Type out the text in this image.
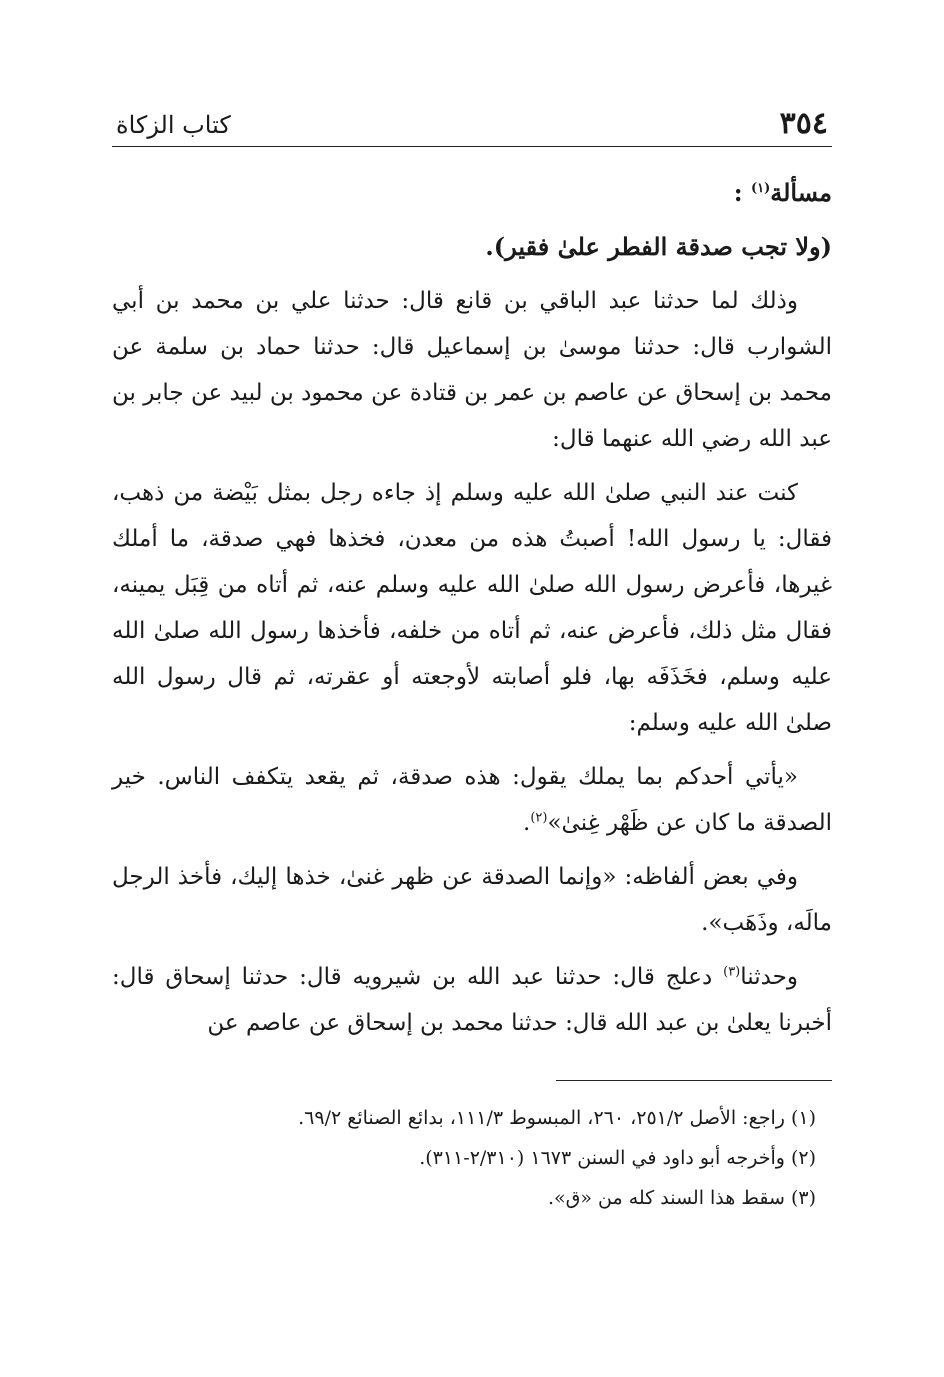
٣٥٤
كتاب الزكاة

مسألة$^{(١)}$ :

(ولا تجب صدقة الفطر علىٰ فقير).

وذلك لما حدثنا عبد الباقي بن قانع قال: حدثنا علي بن محمد بن أبي الشوارب قال: حدثنا موسىٰ بن إسماعيل قال: حدثنا حماد بن سلمة عن محمد بن إسحاق عن عاصم بن عمر بن قتادة عن محمود بن لبيد عن جابر بن عبد الله رضي الله عنهما قال:

كنت عند النبي صلىٰ الله عليه وسلم إذ جاءه رجل بمثل بَيْضة من ذهب، فقال: يا رسول الله! أصبتُ هذه من معدن، فخذها فهي صدقة، ما أملك غيرها، فأعرض رسول الله صلىٰ الله عليه وسلم عنه، ثم أتاه من قِبَل يمينه، فقال مثل ذلك، فأعرض عنه، ثم أتاه من خلفه، فأخذها رسول الله صلىٰ الله عليه وسلم، فخَذَفَه بها، فلو أصابته لأوجعته أو عقرته، ثم قال رسول الله صلىٰ الله عليه وسلم:

«يأتي أحدكم بما يملك يقول: هذه صدقة، ثم يقعد يتكفف الناس. خير الصدقة ما كان عن ظَهْر غِنىٰ»$^{(٢)}$.

وفي بعض ألفاظه: «وإنما الصدقة عن ظهر غنىٰ، خذها إليك، فأخذ الرجل مالَه، وذَهَب».

وحدثنا$^{(٣)}$ دعلج قال: حدثنا عبد الله بن شيرويه قال: حدثنا إسحاق قال: أخبرنا يعلىٰ بن عبد الله قال: حدثنا محمد بن إسحاق عن عاصم عن

(١) راجع: الأصل ٢٥١/٢، ٢٦٠، المبسوط ١١١/٣، بدائع الصنائع ٦٩/٢.

(٢) وأخرجه أبو داود في السنن ١٦٧٣ (٢/٣١٠-٣١١).

(٣) سقط هذا السند كله من «ق».
